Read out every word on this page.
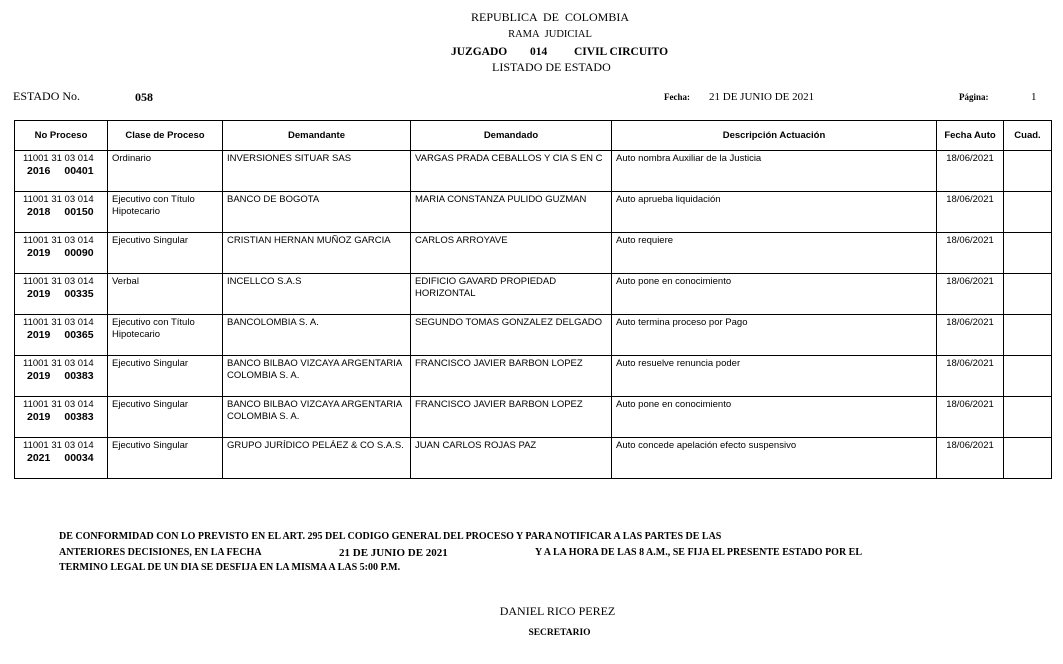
REPUBLICA DE COLOMBIA
RAMA JUDICIAL
JUZGADO 014 CIVIL CIRCUITO
LISTADO DE ESTADO
ESTADO No.	058	Fecha: 21 DE JUNIO DE 2021	Página:	1
No Proceso	Clase de Proceso	Demandante	Demandado	Descripción Actuación	Fecha Auto	Cuad.

11001 31 03 014
2016 00401	Ordinario	INVERSIONES SITUAR SAS	VARGAS PRADA CEBALLOS Y CIA S EN C	Auto nombra Auxiliar de la Justicia	18/06/2021	

11001 31 03 014
2018 00150	Ejecutivo con Título Hipotecario	BANCO DE BOGOTA	MARIA CONSTANZA PULIDO GUZMAN	Auto aprueba liquidación	18/06/2021	

11001 31 03 014
2019 00090	Ejecutivo Singular	CRISTIAN HERNAN MUÑOZ GARCIA	CARLOS ARROYAVE	Auto requiere	18/06/2021	

11001 31 03 014
2019 00335	Verbal	INCELLCO S.A.S	EDIFICIO GAVARD PROPIEDAD HORIZONTAL	Auto pone en conocimiento	18/06/2021	

11001 31 03 014
2019 00365	Ejecutivo con Título Hipotecario	BANCOLOMBIA S. A.	SEGUNDO TOMAS GONZALEZ DELGADO	Auto termina proceso por Pago	18/06/2021	

11001 31 03 014
2019 00383	Ejecutivo Singular	BANCO BILBAO VIZCAYA ARGENTARIA COLOMBIA S. A.	FRANCISCO JAVIER BARBON LOPEZ	Auto resuelve renuncia poder	18/06/2021	

11001 31 03 014
2019 00383	Ejecutivo Singular	BANCO BILBAO VIZCAYA ARGENTARIA COLOMBIA S. A.	FRANCISCO JAVIER BARBON LOPEZ	Auto pone en conocimiento	18/06/2021	

11001 31 03 014
2021 00034	Ejecutivo Singular	GRUPO JURÍDICO PELÁEZ & CO S.A.S.	JUAN CARLOS ROJAS PAZ	Auto concede apelación efecto suspensivo	18/06/2021	
DE CONFORMIDAD CON LO PREVISTO EN EL ART. 295 DEL CODIGO GENERAL DEL PROCESO Y PARA NOTIFICAR A LAS PARTES DE LAS
ANTERIORES DECISIONES, EN LA FECHA	21 DE JUNIO DE 2021	Y A LA HORA DE LAS 8 A.M., SE FIJA EL PRESENTE ESTADO POR EL
TERMINO LEGAL DE UN DIA SE DESFIJA EN LA MISMA A LAS 5:00 P.M.
DANIEL RICO PEREZ
SECRETARIO
